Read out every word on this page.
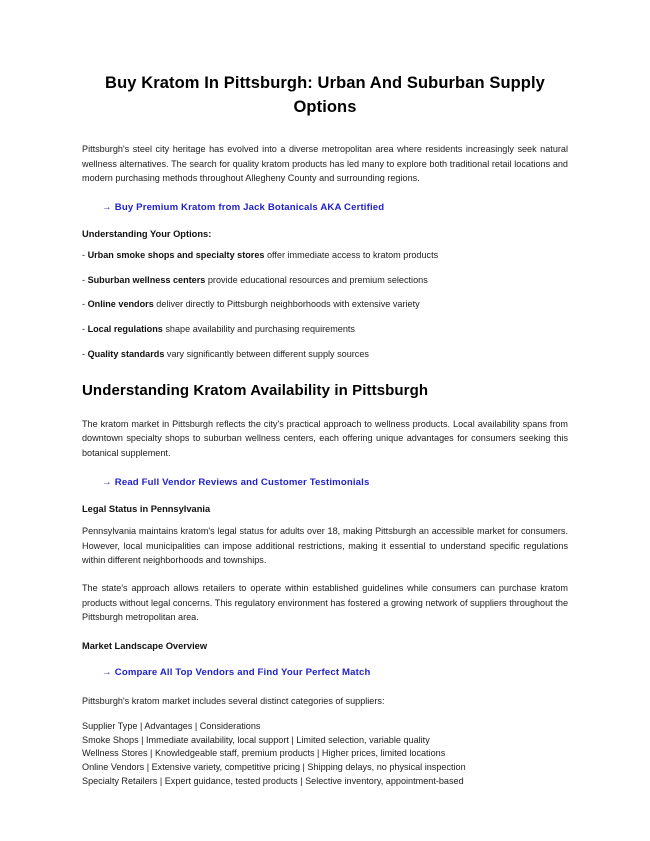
Buy Kratom In Pittsburgh: Urban And Suburban Supply Options

Pittsburgh's steel city heritage has evolved into a diverse metropolitan area where residents increasingly seek natural wellness alternatives. The search for quality kratom products has led many to explore both traditional retail locations and modern purchasing methods throughout Allegheny County and surrounding regions.

→ Buy Premium Kratom from Jack Botanicals AKA Certified
Understanding Your Options:
- Urban smoke shops and specialty stores offer immediate access to kratom products
- Suburban wellness centers provide educational resources and premium selections
- Online vendors deliver directly to Pittsburgh neighborhoods with extensive variety
- Local regulations shape availability and purchasing requirements
- Quality standards vary significantly between different supply sources
Understanding Kratom Availability in Pittsburgh

The kratom market in Pittsburgh reflects the city's practical approach to wellness products. Local availability spans from downtown specialty shops to suburban wellness centers, each offering unique advantages for consumers seeking this botanical supplement.

→ Read Full Vendor Reviews and Customer Testimonials
Legal Status in Pennsylvania

Pennsylvania maintains kratom's legal status for adults over 18, making Pittsburgh an accessible market for consumers. However, local municipalities can impose additional restrictions, making it essential to understand specific regulations within different neighborhoods and townships.

The state's approach allows retailers to operate within established guidelines while consumers can purchase kratom products without legal concerns. This regulatory environment has fostered a growing network of suppliers throughout the Pittsburgh metropolitan area.

Market Landscape Overview
→ Compare All Top Vendors and Find Your Perfect Match
Pittsburgh's kratom market includes several distinct categories of suppliers:
Supplier Type | Advantages | Considerations
Smoke Shops | Immediate availability, local support | Limited selection, variable quality
Wellness Stores | Knowledgeable staff, premium products | Higher prices, limited locations
Online Vendors | Extensive variety, competitive pricing | Shipping delays, no physical inspection
Specialty Retailers | Expert guidance, tested products | Selective inventory, appointment-based
